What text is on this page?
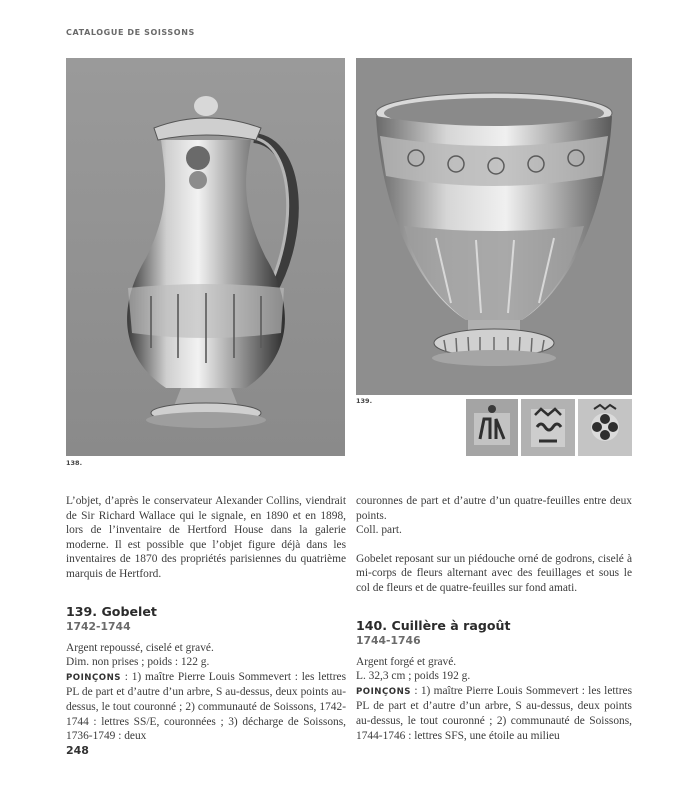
CATALOGUE DE SOISSONS
138.
139.

L’objet, d’après le conservateur Alexander Collins, viendrait de Sir Richard Wallace qui le signale, en 1890 et en 1898, lors de l’inventaire de Hertford House dans la galerie moderne. Il est possible que l’objet figure déjà dans les inventaires de 1870 des propriétés parisiennes du quatrième marquis de Hertford.

139. Gobelet
1742-1744

Argent repoussé, ciselé et gravé.

Dim. non prises ; poids : 122 g.

POINÇONS : 1) maître Pierre Louis Sommevert : les lettres PL de part et d’autre d’un arbre, S au-dessus, deux points au-dessus, le tout couronné ; 2) communauté de Soissons, 1742-1744 : lettres SS/E, couronnées ; 3) décharge de Soissons, 1736-1749 : deux

couronnes de part et d’autre d’un quatre-feuilles entre deux points.

Coll. part.

Gobelet reposant sur un piédouche orné de godrons, ciselé à mi-corps de fleurs alternant avec des feuillages et sous le col de fleurs et de quatre-feuilles sur fond amati.

140. Cuillère à ragoût
1744-1746

Argent forgé et gravé.

L. 32,3 cm ; poids 192 g.

POINÇONS : 1) maître Pierre Louis Sommevert : les lettres PL de part et d’autre d’un arbre, S au-dessus, deux points au-dessus, le tout couronné ; 2) communauté de Soissons, 1744-1746 : lettres SFS, une étoile au milieu

248
